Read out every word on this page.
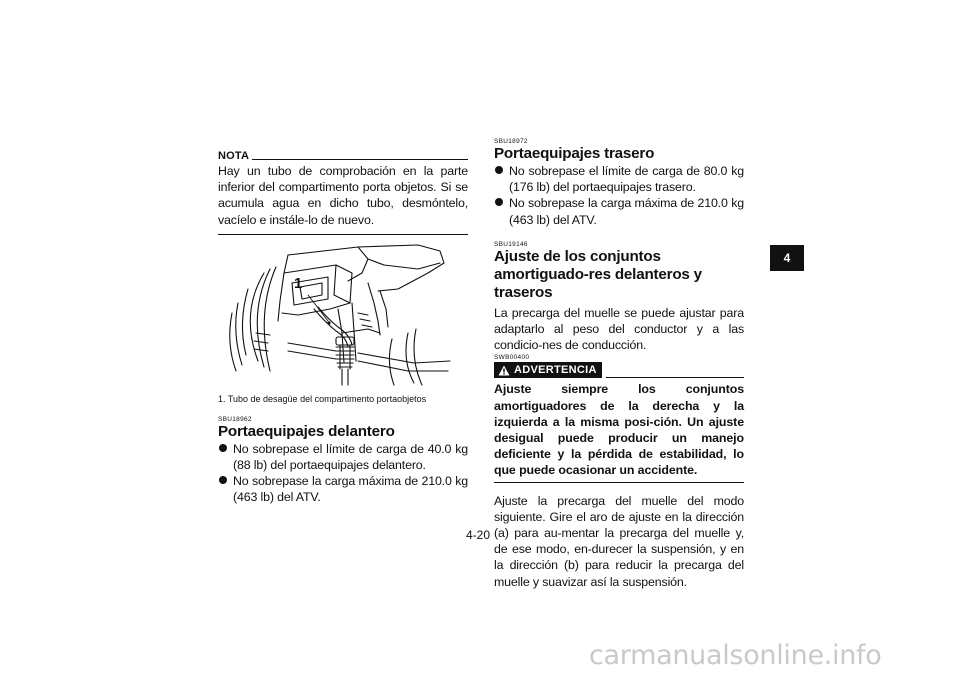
NOTA

Hay un tubo de comprobación en la parte inferior del compartimento porta objetos. Si se acumula agua en dicho tubo, desmóntelo, vacíelo e instále-lo de nuevo.

1

1. Tubo de desagüe del compartimento portaobjetos

SBU18962
Portaequipajes delantero
No sobrepase el límite de carga de 40.0 kg (88 lb) del portaequipajes delantero.
No sobrepase la carga máxima de 210.0 kg (463 lb) del ATV.
SBU18972
Portaequipajes trasero
No sobrepase el límite de carga de 80.0 kg (176 lb) del portaequipajes trasero.
No sobrepase la carga máxima de 210.0 kg (463 lb) del ATV.
SBU19146
Ajuste de los conjuntos amortiguado-res delanteros y traseros

La precarga del muelle se puede ajustar para adaptarlo al peso del conductor y a las condicio-nes de conducción.

SWB00400
ADVERTENCIA

Ajuste siempre los conjuntos amortiguadores de la derecha y la izquierda a la misma posi-ción. Un ajuste desigual puede producir un manejo deficiente y la pérdida de estabilidad, lo que puede ocasionar un accidente.

Ajuste la precarga del muelle del modo siguiente. Gire el aro de ajuste en la dirección (a) para au-mentar la precarga del muelle y, de ese modo, en-durecer la suspensión, y en la dirección (b) para reducir la precarga del muelle y suavizar así la suspensión.

4-20
4
carmanualsonline.info
